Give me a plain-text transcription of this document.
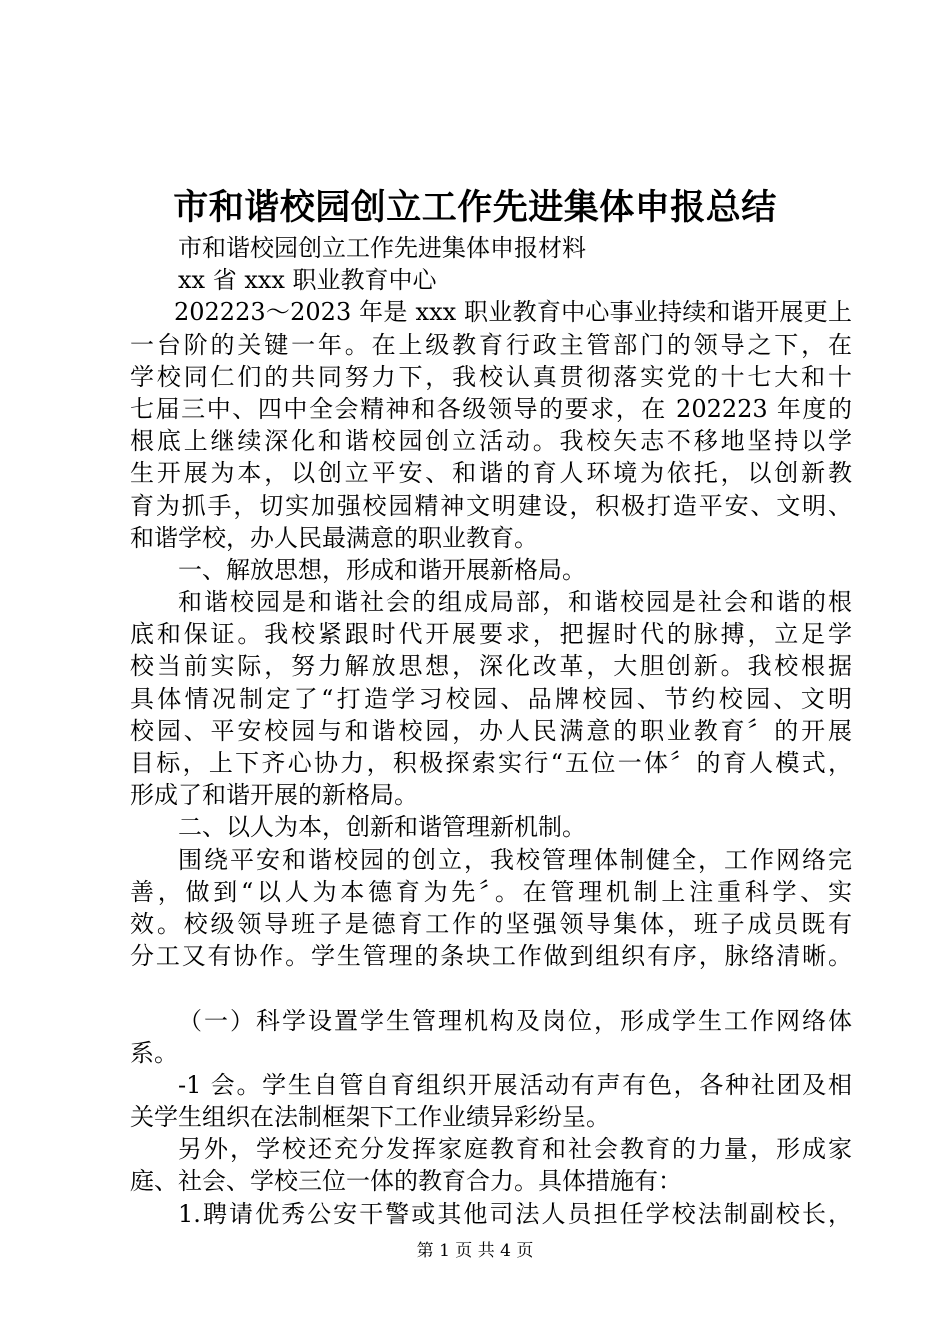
市和谐校园创立工作先进集体申报总结
市和谐校园创立工作先进集体申报材料
xx 省 xxx 职业教育中心
202223～2023 年是 xxx 职业教育中心事业持续和谐开展更上
一台阶的关键一年。在上级教育行政主管部门的领导之下，在
学校同仁们的共同努力下，我校认真贯彻落实党的十七大和十
七届三中、四中全会精神和各级领导的要求，在 202223 年度的
根底上继续深化和谐校园创立活动。我校矢志不移地坚持以学
生开展为本，以创立平安、和谐的育人环境为依托，以创新教
育为抓手，切实加强校园精神文明建设，积极打造平安、文明、
和谐学校，办人民最满意的职业教育。
一、解放思想，形成和谐开展新格局。
和谐校园是和谐社会的组成局部，和谐校园是社会和谐的根
底和保证。我校紧跟时代开展要求，把握时代的脉搏，立足学
校当前实际，努力解放思想，深化改革，大胆创新。我校根据
具体情况制定了“打造学习校园、品牌校园、节约校园、文明
校园、平安校园与和谐校园，办人民满意的职业教育〞的开展
目标，上下齐心协力，积极探索实行“五位一体〞的育人模式，
形成了和谐开展的新格局。
二、以人为本，创新和谐管理新机制。
围绕平安和谐校园的创立，我校管理体制健全，工作网络完
善，做到“以人为本德育为先〞。在管理机制上注重科学、实
效。校级领导班子是德育工作的坚强领导集体，班子成员既有
分工又有协作。学生管理的条块工作做到组织有序，脉络清晰。
（一）科学设置学生管理机构及岗位，形成学生工作网络体
系。
-1 会。学生自管自育组织开展活动有声有色，各种社团及相
关学生组织在法制框架下工作业绩异彩纷呈。
另外，学校还充分发挥家庭教育和社会教育的力量，形成家
庭、社会、学校三位一体的教育合力。具体措施有：
1.聘请优秀公安干警或其他司法人员担任学校法制副校长，
第 1 页 共 4 页
